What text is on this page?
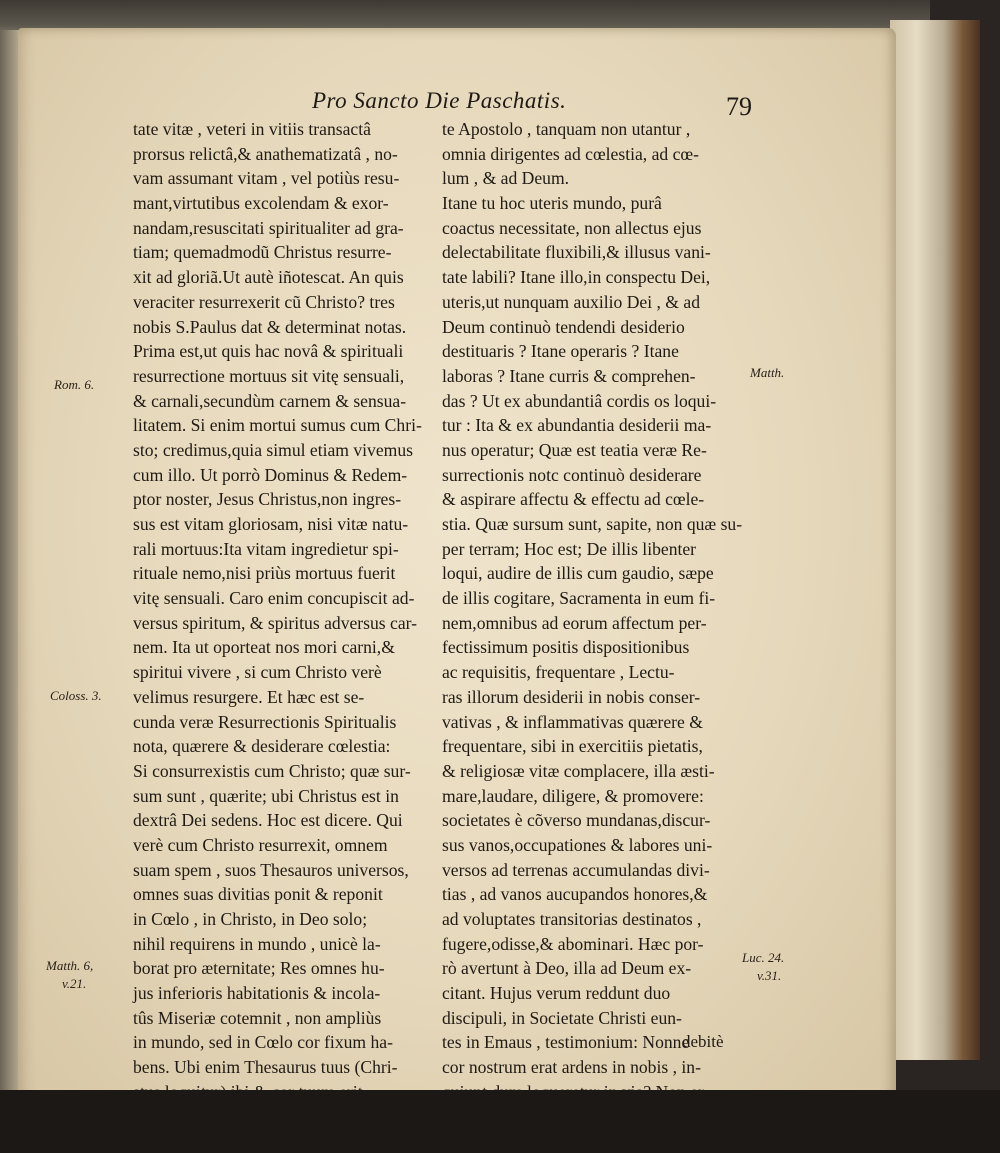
Pro Sancto Die Paschatis.	79
tate vitæ , veteri in vitiis transactâ
prorsus relictâ,& anathematizatâ , no-
vam assumant vitam , vel potiùs resu-
mant,virtutibus excolendam & exor-
nandam,resuscitati spiritualiter ad gra-
tiam; quemadmodũ Christus resurre-
xit ad gloriã.Ut autè iñotescat. An quis
veraciter resurrexerit cũ Christo? tres
nobis S.Paulus dat & determinat notas.
Prima est,ut quis hac novâ & spirituali
resurrectione mortuus sit vitę sensuali,
& carnali,secundùm carnem & sensua-
litatem. Si enim mortui sumus cum Chri-
sto; credimus,quia simul etiam vivemus
cum illo. Ut porrò Dominus & Redem-
ptor noster, Jesus Christus,non ingres-
sus est vitam gloriosam, nisi vitæ natu-
rali mortuus:Ita vitam ingredietur spi-
rituale nemo,nisi priùs mortuus fuerit
vitę sensuali. Caro enim concupiscit ad-
versus spiritum, & spiritus adversus car-
nem. Ita ut oporteat nos mori carni,&
spiritui vivere , si cum Christo verè
velimus resurgere. Et hæc est se-
cunda veræ Resurrectionis Spiritualis
nota, quærere & desiderare cœlestia:
Si consurrexistis cum Christo; quæ sur-
sum sunt , quærite; ubi Christus est in
dextrâ Dei sedens. Hoc est dicere. Qui
verè cum Christo resurrexit, omnem
suam spem , suos Thesauros universos,
omnes suas divitias ponit & reponit
in Cœlo , in Christo, in Deo solo;
nihil requirens in mundo , unicè la-
borat pro æternitate; Res omnes hu-
jus inferioris habitationis & incola-
tûs Miseriæ cotemnit , non ampliùs
in mundo, sed in Cœlo cor fixum ha-
bens. Ubi enim Thesaurus tuus (Chri-
te Apostolo , tanquam non utantur ,
omnia dirigentes ad cœlestia, ad cœ-
lum , & ad Deum.
Itane tu hoc uteris mundo, purâ
coactus necessitate, non allectus ejus
delectabilitate fluxibili,& illusus vani-
tate labili? Itane illo,in conspectu Dei,
uteris,ut nunquam auxilio Dei , & ad
Deum continuò tendendi desiderio
destituaris ? Itane operaris ? Itane
laboras ? Itane curris & comprehen-
das ? Ut ex abundantiâ cordis os loqui-
tur : Ita & ex abundantia desiderii ma-
nus operatur; Quæ est teatia veræ Re-
surrectionis notc continuò desiderare
& aspirare affectu & effectu ad cœle-
stia. Quæ sursum sunt, sapite, non quæ su-
per terram; Hoc est; De illis libenter
loqui, audire de illis cum gaudio, sæpe
de illis cogitare, Sacramenta in eum fi-
nem,omnibus ad eorum affectum per-
fectissimum positis dispositionibus
ac requisitis, frequentare , Lectu-
ras illorum desiderii in nobis conser-
vativas , & inflammativas quærere &
frequentare, sibi in exercitiis pietatis,
& religiosæ vitæ complacere, illa æsti-
mare,laudare, diligere, & promovere:
societates è cõverso mundanas,discur-
sus vanos,occupationes & labores uni-
versos ad terrenas accumulandas divi-
tias , ad vanos aucupandos honores,&
ad voluptates transitorias destinatos ,
fugere,odisse,& abominari. Hæc por-
rò avertunt à Deo, illa ad Deum ex-
citant. Hujus verum reddunt duo
discipuli, in Societate Christi eun-
tes in Emaus , testimonium: Nonne
cor nostrum erat ardens in nobis , in-
Rom. 6.
Coloss. 3.
Matth. 6,
v.21.
Matth.
Luc. 24.
v.31.
debitè
